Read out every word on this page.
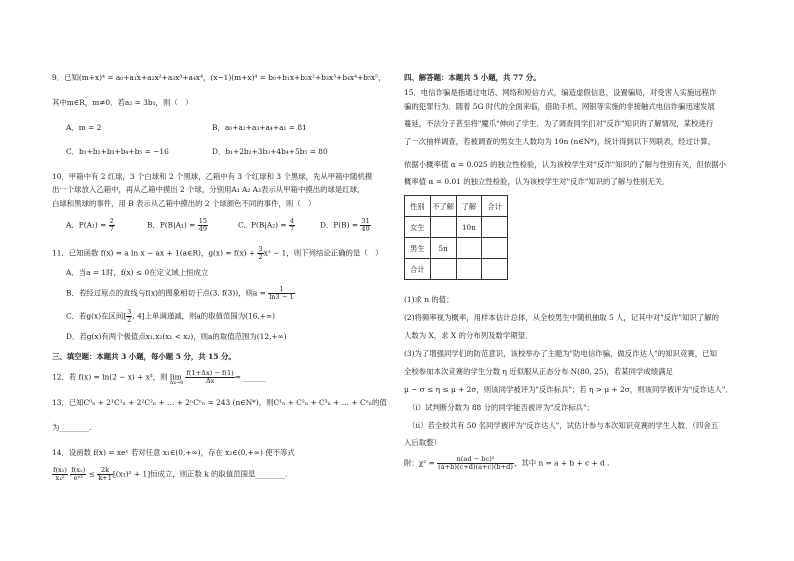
9．已知(m+x)⁴ = a₀+a₁x+a₂x²+a₃x³+a₄x⁴，(x−1)(m+x)⁴ = b₀+b₁x+b₂x²+b₃x³+b₄x⁴+b₅x⁵，
其中m∈R，m≠0．若a₂ = 3b₁，则（　）
A．m = 2	B．a₀+a₂+a₃+a₄+a₁ = 81
C．b₁+b₂+b₃+b₄+b₅ = −16	D．b₁+2b₂+3b₃+4b₄+5b₅ = 80
10．甲箱中有 2 红球，3 个白球和 2 个黑球，乙箱中有 3 个红球和 3 个黑球，先从甲箱中随机摸
出一个球放入乙箱中，再从乙箱中摸出 2 个球，分别用A₁ A₂ A₃表示从甲箱中摸出的球是红球，
白球和黑球的事件，用 B 表示从乙箱中摸出的 2 个球颜色不同的事件，则（　）
A．$P(A_1) = \frac{2}{7}$	B．$P(B|A_1) = \frac{15}{49}$	C．$P(B|A_2) = \frac{4}{7}$	D．$P(B) = \frac{31}{49}$
11．已知函数 f(x) = a ln x − ax + 1(a∈R)，$g(x) = f(x) + \frac{3}{2} x^2 - 1$，则下列结论正确的是（　）
A．当a = 1时，f(x) ≤ 0在定义域上恒成立
B．若经过原点的直线与f(x)的图象相切于点(3, f(3))，则$a = \frac{1}{\ln 3 - 1}$
C．若g(x)在区间[ $\frac{3}{2}$ , 4]上单调递减，则a的取值范围为(16,+∞)
D．若g(x)有两个极值点x₁,x₂(x₁ < x₂)，则a的取值范围为(12,+∞)
三、填空题：本题共 3 小题，每小题 5 分，共 15 分。
12．若 f(x) = ln(2 − x) + x³，则 $\lim_{\Delta x\to 0} \frac{f(1+\Delta x) - f(1)}{\Delta x}$ = ______
13．已知C⁰ₙ + 2¹C¹ₙ + 2²C²ₙ + … + 2ⁿCⁿₙ = 243 (n∈N*)，则C¹ₙ + C²ₙ + C³ₙ + … + Cⁿₙ的值
为________.
14．设函数 f(x) = xeˣ 若对任意 x₁∈(0,+∞)，存在 x₂∈(0,+∞) 使不等式
$\frac{\text{f(x₁)}}{\text{x₁²}}$
$\frac{\text{f(x₂)}}{\text{eˣ²}} \le \frac{2k}{k+1} [(x_1)^2 + 1]$恒成立，则正数 k 的取值范围是________.
四、解答题：本题共 5 小题，共 77 分。
15．电信诈骗是指通过电话、网络和短信方式，编造虚假信息，设置骗局，对受害人实施远程诈
骗的犯罪行为．随着 5G 时代的全面来临，借助手机、网银等实施的非接触式电信诈骗迅速发展
蔓延，不法分子甚至将"魔爪"伸向了学生．为了调查同学们对"反诈"知识的了解情况，某校进行
了一次抽样调查，若被调查的男女生人数均为 10n (n∈N*)，统计得到以下列联表，经过计算，
依据小概率值 α = 0.025 的独立性检验，认为该校学生对"反诈"知识的了解与性别有关，但依据小
概率值 α = 0.01 的独立性检验，认为该校学生对"反诈"知识的了解与性别无关．
性别	不了解	了解	合计
女生		10n	
男生	5n		
合计			
(1)求 n 的值；
(2)将频率视为概率，用样本估计总体，从全校男生中随机抽取 5 人，记其中对"反诈"知识了解的
人数为 X，求 X 的分布列及数学期望．
(3)为了增强同学们的防范意识，该校举办了主题为"防电信诈骗，做反诈达人"的知识竞赛，已知
全校参加本次竞赛的学生分数 η 近似服从正态分布 N(80, 25)，若某同学成绩满足
μ − σ ≤ η ≤ μ + 2σ，则该同学被评为"反诈标兵"；若 η > μ + 2σ，则该同学被评为"反诈达人"．
（i）试判断分数为 88 分的同学能否被评为"反诈标兵"；
（ii）若全校共有 50 名同学被评为"反诈达人"，试估计参与本次知识竞赛的学生人数．（四舍五
入后取整）
附：$\chi^2 = \frac{\text{n(ad − bc)²}}{(a+b)(c+d)(a+c)(b+d)}$ ，其中 n = a + b + c + d .
